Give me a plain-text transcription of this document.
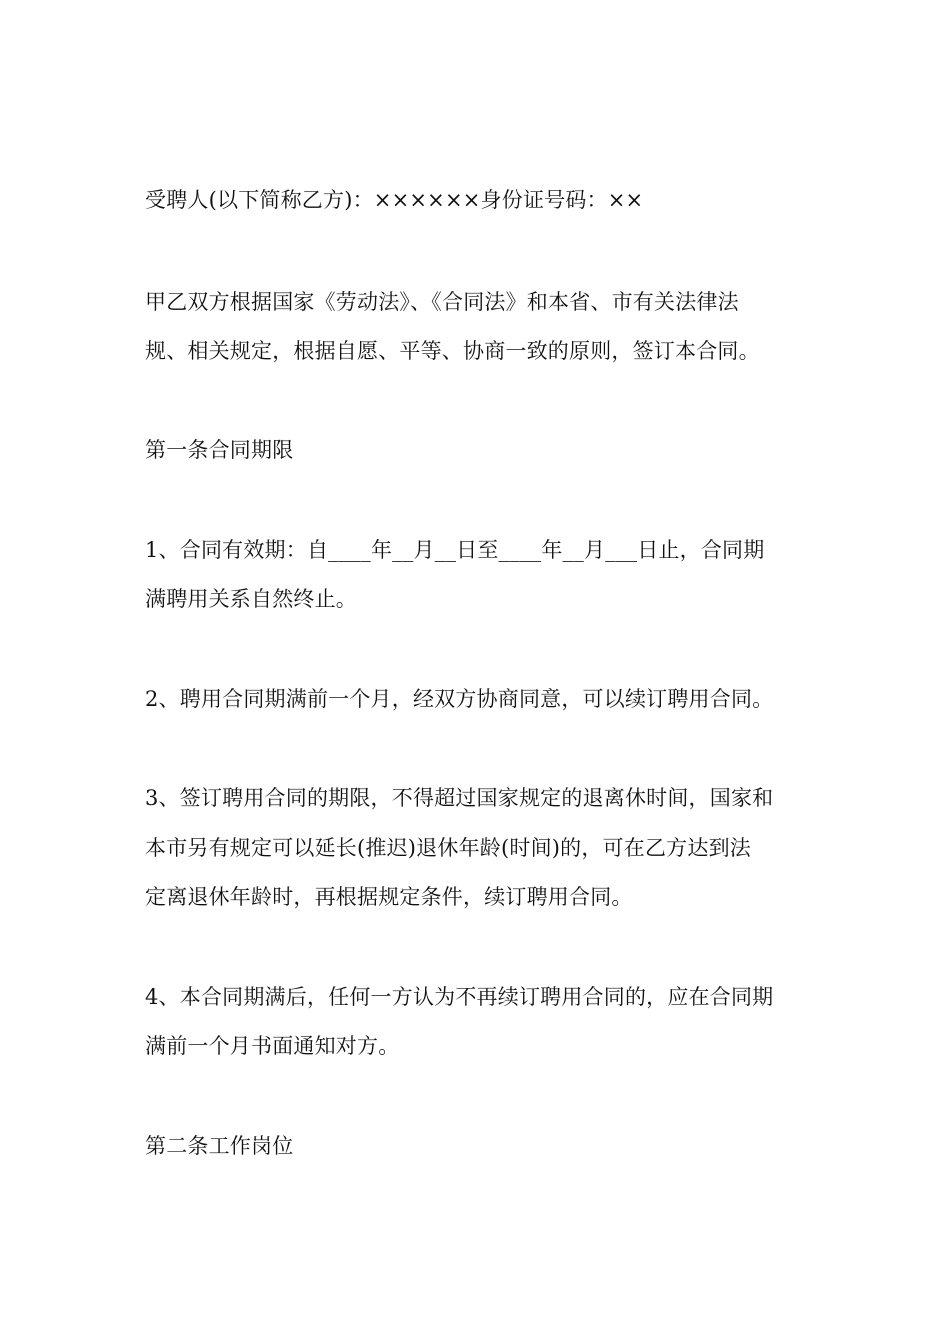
受聘人(以下简称乙方)：××××××身份证号码：××
甲乙双方根据国家《劳动法》、《合同法》和本省、市有关法律法
规、相关规定，根据自愿、平等、协商一致的原则，签订本合同。
第一条合同期限
1、合同有效期：自____年__月__日至____年__月___日止，合同期
满聘用关系自然终止。
2、聘用合同期满前一个月，经双方协商同意，可以续订聘用合同。
3、签订聘用合同的期限，不得超过国家规定的退离休时间，国家和
本市另有规定可以延长(推迟)退休年龄(时间)的，可在乙方达到法
定离退休年龄时，再根据规定条件，续订聘用合同。
4、本合同期满后，任何一方认为不再续订聘用合同的，应在合同期
满前一个月书面通知对方。
第二条工作岗位
